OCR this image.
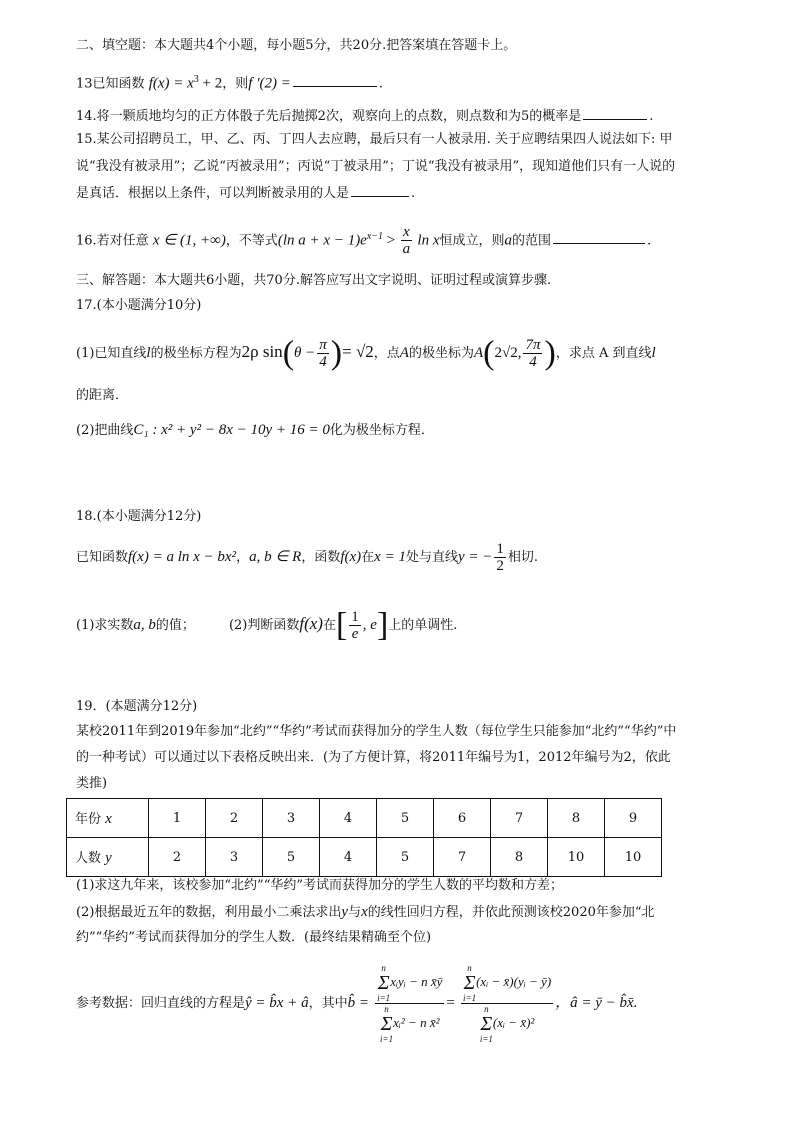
二、填空题：本大题共4个小题，每小题5分，共20分.把答案填在答题卡上。
13已知函数 $f(x) = x^3 + 2$，则f ′(2) =	.
14.将一颗质地均匀的正方体骰子先后抛掷2次，观察向上的点数，则点数和为5的概率是	.
15.某公司招聘员工，甲、乙、丙、丁四人去应聘，最后只有一人被录用. 关于应聘结果四人说法如下: 甲
说“我没有被录用”；乙说“丙被录用”；丙说“丁被录用”；丁说“我没有被录用”，现知道他们只有一人说的
是真话．根据以上条件，可以判断被录用的人是	.
16.若对任意 x ∈ (1, +∞)，不等式(ln $a + x - 1)e^{x-1} > \frac{x}{a}$ ln x恒成立，则a的范围	.
三、解答题：本大题共6小题，共70分.解答应写出文字说明、证明过程或演算步骤.
17.(本小题满分10分)
(1)已知直线l的极坐标方程为2ρ $\sin(\theta - \frac{\pi}{4}$ )= √2，点A的极坐标为A(2√2, $\frac{7\pi}{4}$ )，求点 A 到直线l
的距离．
(2)把曲线C₁ : x² + y² − 8x − 10y + 16 = 0化为极坐标方程．
18.(本小题满分12分)
已知函数f(x) = a ln x − bx²，a, b ∈ R，函数f(x)在x = 1处与直线y = − $\frac{1}{2}$ 相切.
(1)求实数a, b的值；	(2)判断函数f(x)在[ $\frac{1}{e}$ , e]上的单调性.
19．(本题满分12分)
某校2011年到2019年参加“北约”“华约”考试而获得加分的学生人数（每位学生只能参加“北约”“华约”中
的一种考试）可以通过以下表格反映出来．(为了方便计算，将2011年编号为1，2012年编号为2，依此
类推)
年份 x	1	2	3	4	5	6	7	8	9
人数 y	2	3	5	4	5	7	8	10	10
(1)求这九年来，该校参加“北约”“华约”考试而获得加分的学生人数的平均数和方差；
(2)根据最近五年的数据，利用最小二乘法求出y与x的线性回归方程，并依此预测该校2020年参加“北
约”“华约”考试而获得加分的学生人数．(最终结果精确至个位)
参考数据：回归直线的方程是ŷ = b̂x + â，其中b̂ = n
Σ
i=1xᵢyᵢ − n x̄ȳ
n
Σ
i=1xᵢ² − n x̄² = n
Σ
i=1(xᵢ − x̄)(yᵢ − ȳ)
n
Σ
i=1(xᵢ − x̄)² ，â = ȳ − b̂x̄.
